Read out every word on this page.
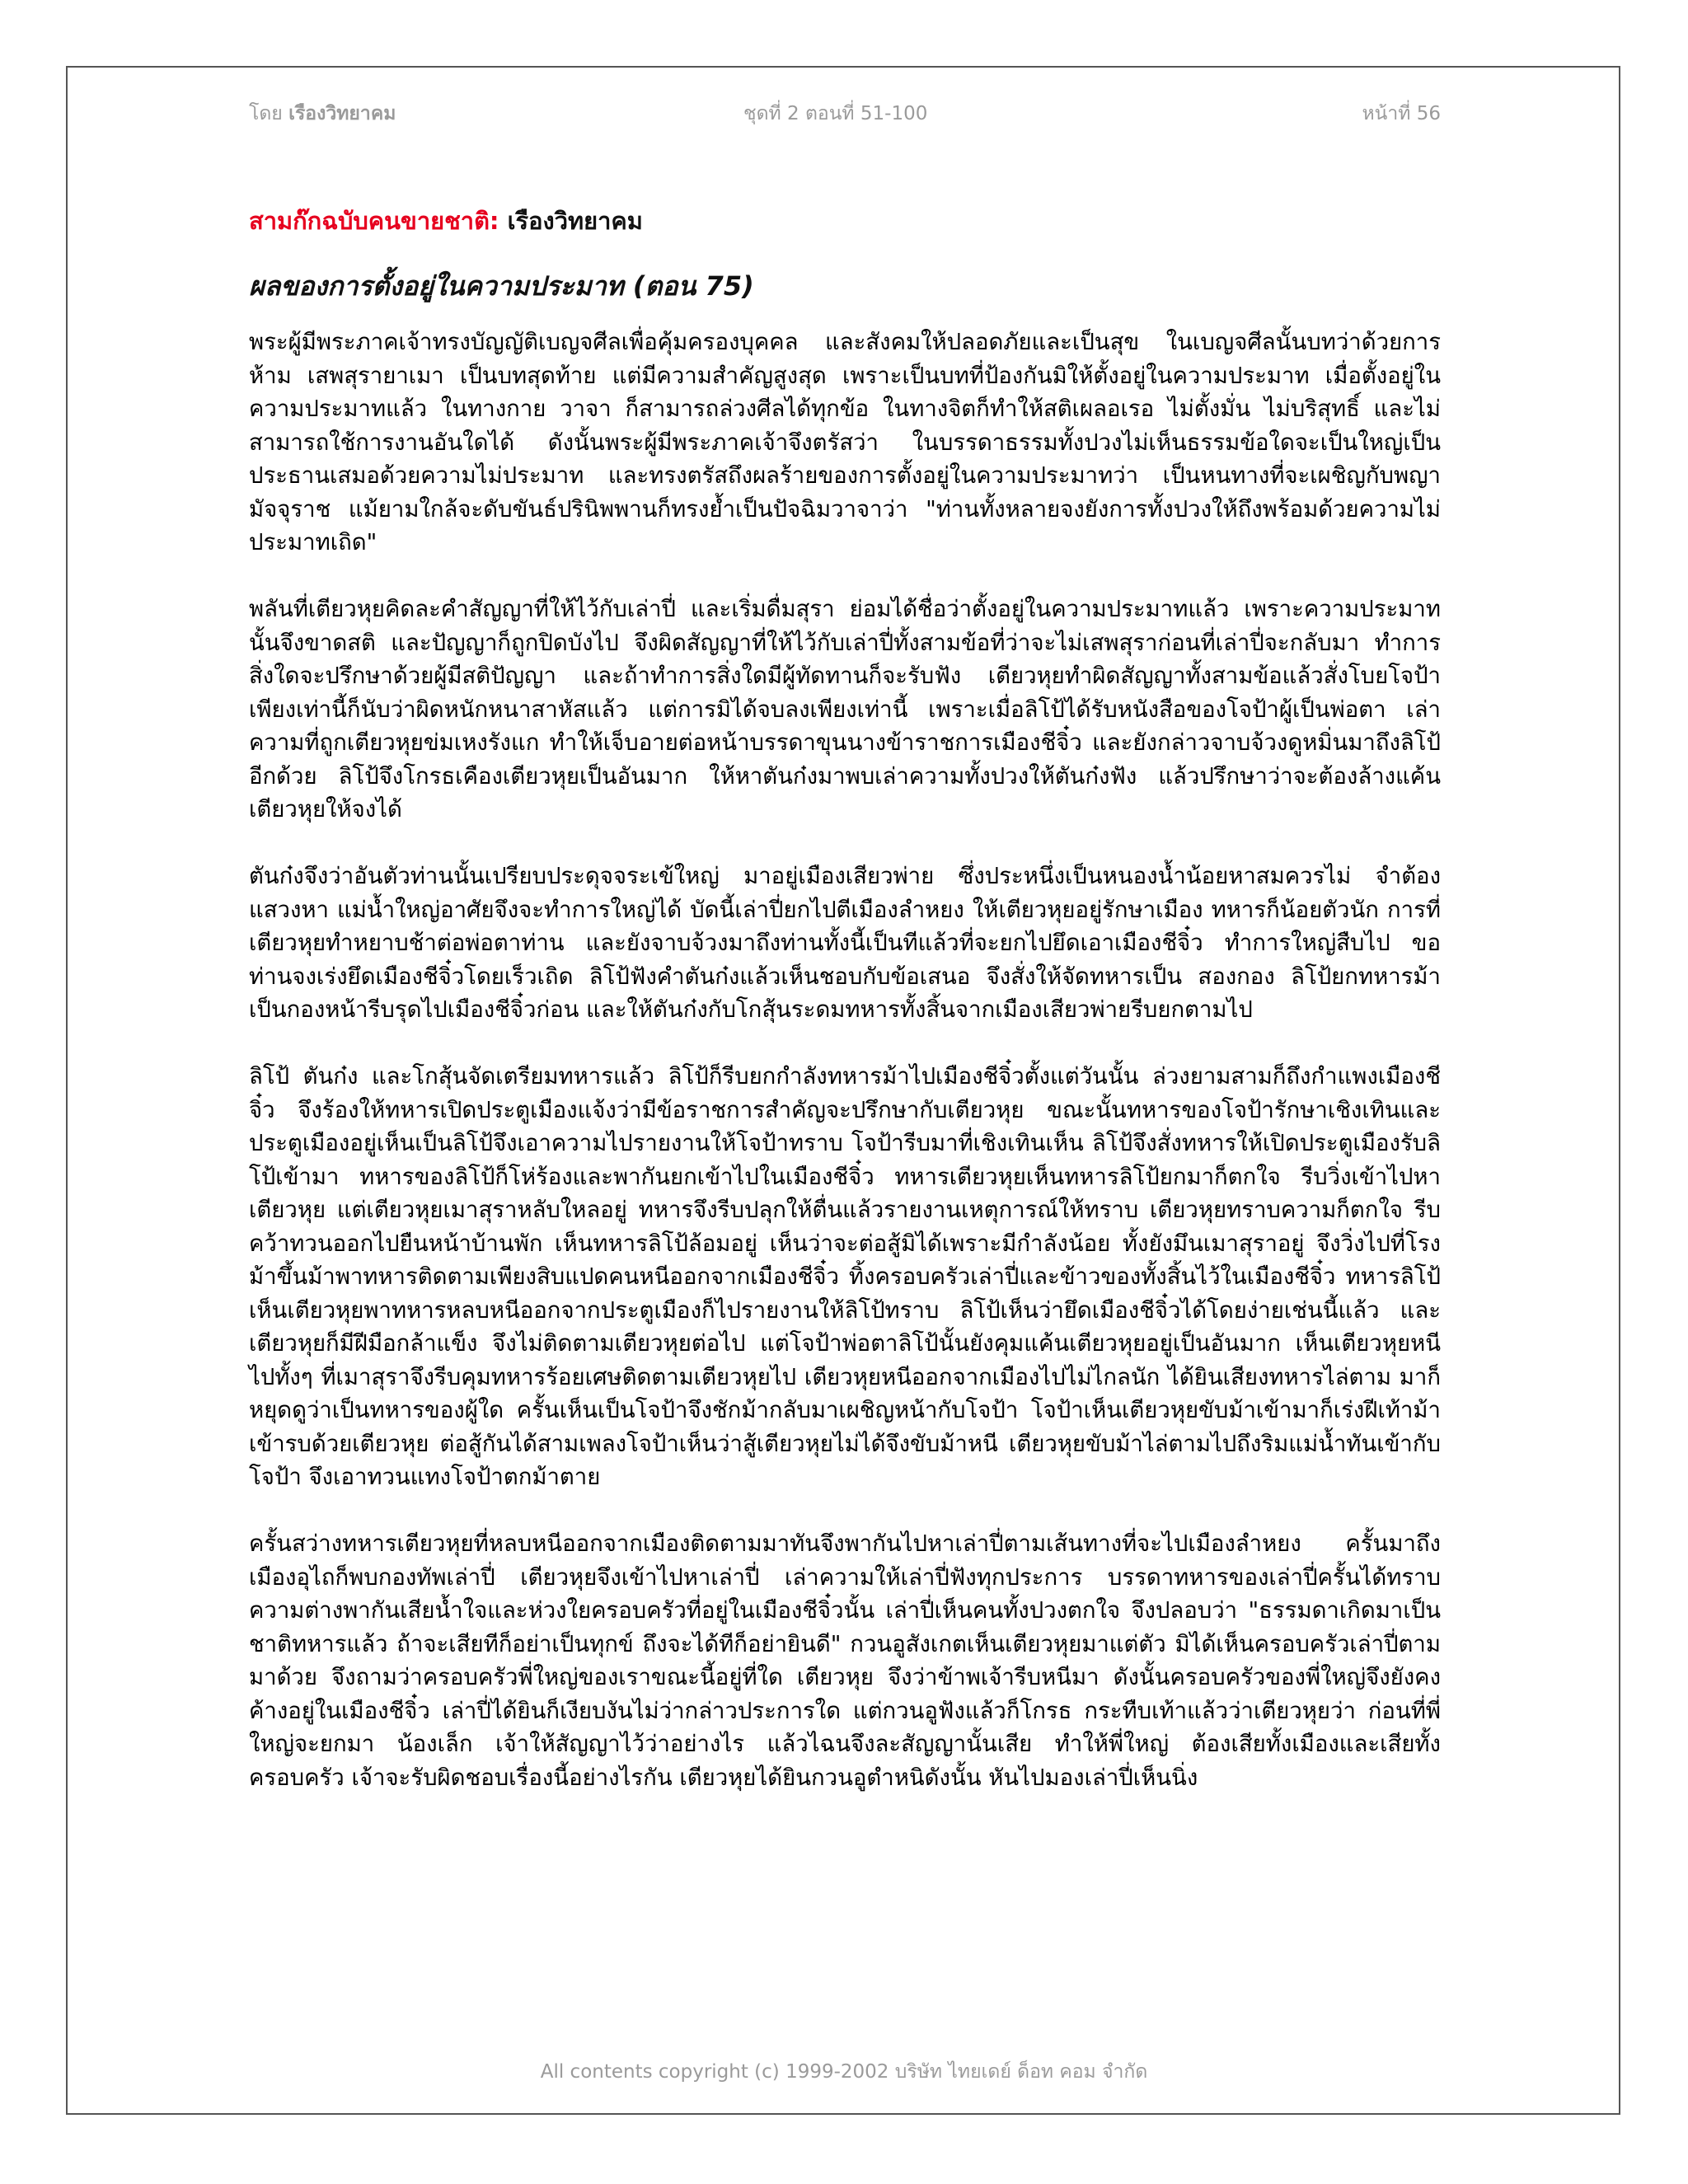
โดย เรืองวิทยาคม	ชุดที่ 2 ตอนที่ 51-100	หน้าที่ 56
สามก๊กฉบับคนขายชาติ: เรืองวิทยาคม
ผลของการตั้งอยู่ในความประมาท (ตอน 75)

พระผู้มีพระภาคเจ้าทรงบัญญัติเบญจศีลเพื่อคุ้มครองบุคคล และสังคมให้ปลอดภัยและเป็นสุข ในเบญจศีลนั้นบทว่าด้วยการห้าม เสพสุรายาเมา เป็นบทสุดท้าย แต่มีความสำคัญสูงสุด เพราะเป็นบทที่ป้องกันมิให้ตั้งอยู่ในความประมาท เมื่อตั้งอยู่ในความประมาทแล้ว ในทางกาย วาจา ก็สามารถล่วงศีลได้ทุกข้อ ในทางจิตก็ทำให้สติเผลอเรอ ไม่ตั้งมั่น ไม่บริสุทธิ์ และไม่สามารถใช้การงานอันใดได้ ดังนั้นพระผู้มีพระภาคเจ้าจึงตรัสว่า ในบรรดาธรรมทั้งปวงไม่เห็นธรรมข้อใดจะเป็นใหญ่เป็นประธานเสมอด้วยความไม่ประมาท และทรงตรัสถึงผลร้ายของการตั้งอยู่ในความประมาทว่า เป็นหนทางที่จะเผชิญกับพญามัจจุราช แม้ยามใกล้จะดับขันธ์ปรินิพพานก็ทรงย้ำเป็นปัจฉิมวาจาว่า "ท่านทั้งหลายจงยังการทั้งปวงให้ถึงพร้อมด้วยความไม่ประมาทเถิด"

พลันที่เตียวหุยคิดละคำสัญญาที่ให้ไว้กับเล่าปี่ และเริ่มดื่มสุรา ย่อมได้ชื่อว่าตั้งอยู่ในความประมาทแล้ว เพราะความประมาทนั้นจึงขาดสติ และปัญญาก็ถูกปิดบังไป จึงผิดสัญญาที่ให้ไว้กับเล่าปี่ทั้งสามข้อที่ว่าจะไม่เสพสุราก่อนที่เล่าปี่จะกลับมา ทำการสิ่งใดจะปรึกษาด้วยผู้มีสติปัญญา และถ้าทำการสิ่งใดมีผู้ทัดทานก็จะรับฟัง เตียวหุยทำผิดสัญญาทั้งสามข้อแล้วสั่งโบยโจป้า เพียงเท่านี้ก็นับว่าผิดหนักหนาสาหัสแล้ว แต่การมิได้จบลงเพียงเท่านี้ เพราะเมื่อลิโป้ได้รับหนังสือของโจป้าผู้เป็นพ่อตา เล่าความที่ถูกเตียวหุยข่มเหงรังแก ทำให้เจ็บอายต่อหน้าบรรดาขุนนางข้าราชการเมืองชีจิ๋ว และยังกล่าวจาบจ้วงดูหมิ่นมาถึงลิโป้อีกด้วย ลิโป้จึงโกรธเคืองเตียวหุยเป็นอันมาก ให้หาตันก๋งมาพบเล่าความทั้งปวงให้ตันก๋งฟัง แล้วปรึกษาว่าจะต้องล้างแค้นเตียวหุยให้จงได้

ตันก๋งจึงว่าอันตัวท่านนั้นเปรียบประดุจจระเข้ใหญ่ มาอยู่เมืองเสียวพ่าย ซึ่งประหนึ่งเป็นหนองน้ำน้อยหาสมควรไม่ จำต้องแสวงหา แม่น้ำใหญ่อาศัยจึงจะทำการใหญ่ได้ บัดนี้เล่าปี่ยกไปตีเมืองลำหยง ให้เตียวหุยอยู่รักษาเมือง ทหารก็น้อยตัวนัก การที่เตียวหุยทำหยาบช้าต่อพ่อตาท่าน และยังจาบจ้วงมาถึงท่านทั้งนี้เป็นทีแล้วที่จะยกไปยึดเอาเมืองชีจิ๋ว ทำการใหญ่สืบไป ขอท่านจงเร่งยึดเมืองชีจิ๋วโดยเร็วเถิด ลิโป้ฟังคำตันก๋งแล้วเห็นชอบกับข้อเสนอ จึงสั่งให้จัดทหารเป็น สองกอง ลิโป้ยกทหารม้าเป็นกองหน้ารีบรุดไปเมืองชีจิ๋วก่อน และให้ตันก๋งกับโกสุ้นระดมทหารทั้งสิ้นจากเมืองเสียวพ่ายรีบยกตามไป

ลิโป้ ตันก๋ง และโกสุ้นจัดเตรียมทหารแล้ว ลิโป้ก็รีบยกกำลังทหารม้าไปเมืองชีจิ๋วตั้งแต่วันนั้น ล่วงยามสามก็ถึงกำแพงเมืองชีจิ๋ว จึงร้องให้ทหารเปิดประตูเมืองแจ้งว่ามีข้อราชการสำคัญจะปรึกษากับเตียวหุย ขณะนั้นทหารของโจป้ารักษาเชิงเทินและประตูเมืองอยู่เห็นเป็นลิโป้จึงเอาความไปรายงานให้โจป้าทราบ โจป้ารีบมาที่เชิงเทินเห็น ลิโป้จึงสั่งทหารให้เปิดประตูเมืองรับลิโป้เข้ามา ทหารของลิโป้ก็โห่ร้องและพากันยกเข้าไปในเมืองชีจิ๋ว ทหารเตียวหุยเห็นทหารลิโป้ยกมาก็ตกใจ รีบวิ่งเข้าไปหาเตียวหุย แต่เตียวหุยเมาสุราหลับใหลอยู่ ทหารจึงรีบปลุกให้ตื่นแล้วรายงานเหตุการณ์ให้ทราบ เตียวหุยทราบความก็ตกใจ รีบคว้าทวนออกไปยืนหน้าบ้านพัก เห็นทหารลิโป้ล้อมอยู่ เห็นว่าจะต่อสู้มิได้เพราะมีกำลังน้อย ทั้งยังมึนเมาสุราอยู่ จึงวิ่งไปที่โรงม้าขึ้นม้าพาทหารติดตามเพียงสิบแปดคนหนีออกจากเมืองชีจิ๋ว ทิ้งครอบครัวเล่าปี่และข้าวของทั้งสิ้นไว้ในเมืองชีจิ๋ว ทหารลิโป้เห็นเตียวหุยพาทหารหลบหนีออกจากประตูเมืองก็ไปรายงานให้ลิโป้ทราบ ลิโป้เห็นว่ายึดเมืองชีจิ๋วได้โดยง่ายเช่นนี้แล้ว และเตียวหุยก็มีฝีมือกล้าแข็ง จึงไม่ติดตามเตียวหุยต่อไป แต่โจป้าพ่อตาลิโป้นั้นยังคุมแค้นเตียวหุยอยู่เป็นอันมาก เห็นเตียวหุยหนีไปทั้งๆ ที่เมาสุราจึงรีบคุมทหารร้อยเศษติดตามเตียวหุยไป เตียวหุยหนีออกจากเมืองไปไม่ไกลนัก ได้ยินเสียงทหารไล่ตาม มาก็หยุดดูว่าเป็นทหารของผู้ใด ครั้นเห็นเป็นโจป้าจึงชักม้ากลับมาเผชิญหน้ากับโจป้า โจป้าเห็นเตียวหุยขับม้าเข้ามาก็เร่งฝีเท้าม้าเข้ารบด้วยเตียวหุย ต่อสู้กันได้สามเพลงโจป้าเห็นว่าสู้เตียวหุยไม่ได้จึงขับม้าหนี เตียวหุยขับม้าไล่ตามไปถึงริมแม่น้ำทันเข้ากับโจป้า จึงเอาทวนแทงโจป้าตกม้าตาย

ครั้นสว่างทหารเตียวหุยที่หลบหนีออกจากเมืองติดตามมาทันจึงพากันไปหาเล่าปี่ตามเส้นทางที่จะไปเมืองลำหยง ครั้นมาถึงเมืองอุไถก็พบกองทัพเล่าปี่ เตียวหุยจึงเข้าไปหาเล่าปี่ เล่าความให้เล่าปี่ฟังทุกประการ บรรดาทหารของเล่าปี่ครั้นได้ทราบความต่างพากันเสียน้ำใจและห่วงใยครอบครัวที่อยู่ในเมืองชีจิ๋วนั้น เล่าปี่เห็นคนทั้งปวงตกใจ จึงปลอบว่า "ธรรมดาเกิดมาเป็นชาติทหารแล้ว ถ้าจะเสียทีก็อย่าเป็นทุกข์ ถึงจะได้ทีก็อย่ายินดี" กวนอูสังเกตเห็นเตียวหุยมาแต่ตัว มิได้เห็นครอบครัวเล่าปี่ตาม มาด้วย จึงถามว่าครอบครัวพี่ใหญ่ของเราขณะนี้อยู่ที่ใด เตียวหุย จึงว่าข้าพเจ้ารีบหนีมา ดังนั้นครอบครัวของพี่ใหญ่จึงยังคงค้างอยู่ในเมืองชีจิ๋ว เล่าปี่ได้ยินก็เงียบงันไม่ว่ากล่าวประการใด แต่กวนอูฟังแล้วก็โกรธ กระทืบเท้าแล้วว่าเตียวหุยว่า ก่อนที่พี่ใหญ่จะยกมา น้องเล็ก เจ้าให้สัญญาไว้ว่าอย่างไร แล้วไฉนจึงละสัญญานั้นเสีย ทำให้พี่ใหญ่ ต้องเสียทั้งเมืองและเสียทั้งครอบครัว เจ้าจะรับผิดชอบเรื่องนี้อย่างไรกัน เตียวหุยได้ยินกวนอูตำหนิดังนั้น หันไปมองเล่าปี่เห็นนิ่ง

All contents copyright (c) 1999-2002 บริษัท ไทยเดย์ ด็อท คอม จำกัด
